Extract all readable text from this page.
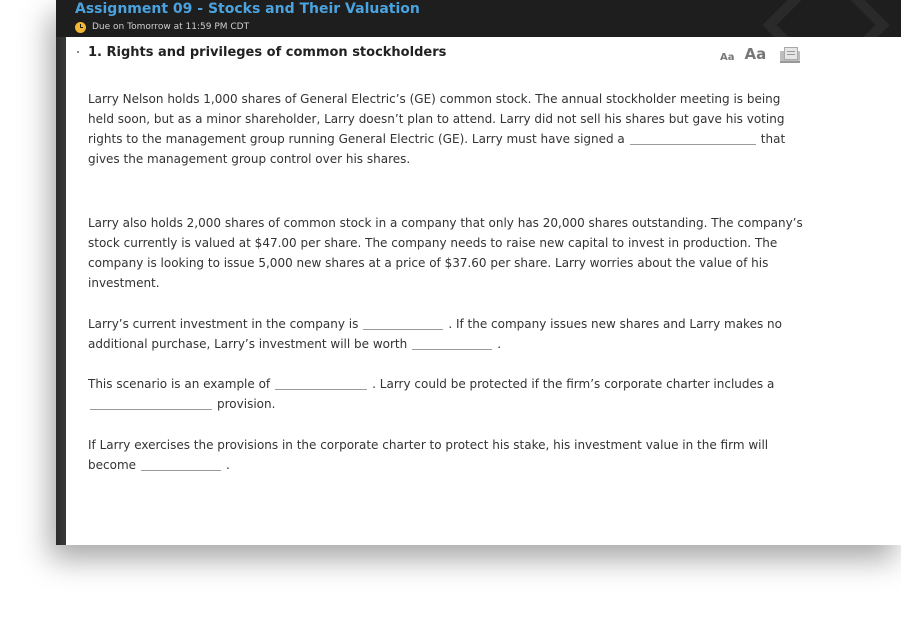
Assignment 09 - Stocks and Their Valuation
Due on Tomorrow at 11:59 PM CDT
1. Rights and privileges of common stockholders	Aa Aa
Larry Nelson holds 1,000 shares of General Electric’s (GE) common stock. The annual stockholder meeting is being held soon, but as a minor shareholder, Larry doesn’t plan to attend. Larry did not sell his shares but gave his voting rights to the management group running General Electric (GE). Larry must have signed a	that gives the management group control over his shares.
Larry also holds 2,000 shares of common stock in a company that only has 20,000 shares outstanding. The company’s stock currently is valued at $47.00 per share. The company needs to raise new capital to invest in production. The company is looking to issue 5,000 new shares at a price of $37.60 per share. Larry worries about the value of his investment.
Larry’s current investment in the company is	. If the company issues new shares and Larry makes no additional purchase, Larry’s investment will be worth	.
This scenario is an example of	. Larry could be protected if the firm’s corporate charter includes aprovision.
If Larry exercises the provisions in the corporate charter to protect his stake, his investment value in the firm will become	.
